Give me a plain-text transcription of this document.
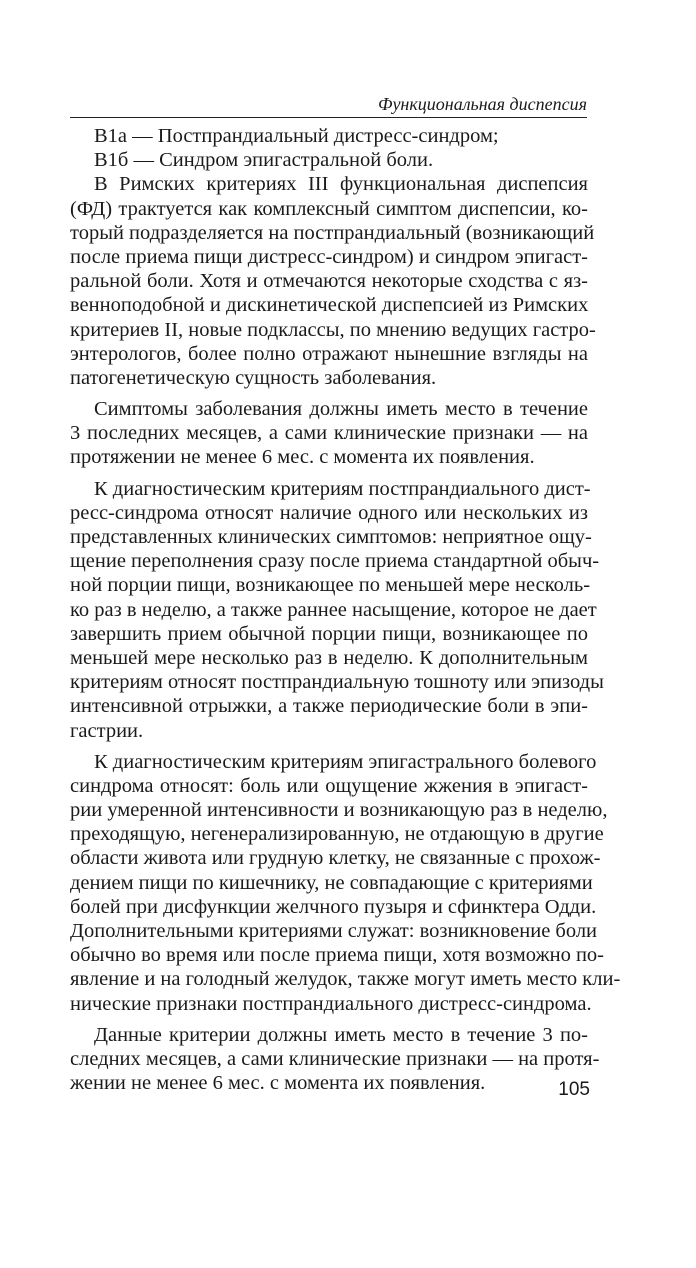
Функциональная диспепсия
B1a — Постпрандиальный дистресс-синдром;
B1б — Синдром эпигастральной боли.
В Римских критериях III функциональная диспепсия
(ФД) трактуется как комплексный симптом диспепсии, ко-
торый подразделяется на постпрандиальный (возникающий
после приема пищи дистресс-синдром) и синдром эпигаст-
ральной боли. Хотя и отмечаются некоторые сходства с яз-
венноподобной и дискинетической диспепсией из Римских
критериев II, новые подклассы, по мнению ведущих гастро-
энтерологов, более полно отражают нынешние взгляды на
патогенетическую сущность заболевания.
Симптомы заболевания должны иметь место в течение
3 последних месяцев, а сами клинические признаки — на
протяжении не менее 6 мес. с момента их появления.
К диагностическим критериям постпрандиального дист-
ресс-синдрома относят наличие одного или нескольких из
представленных клинических симптомов: неприятное ощу-
щение переполнения сразу после приема стандартной обыч-
ной порции пищи, возникающее по меньшей мере несколь-
ко раз в неделю, а также раннее насыщение, которое не дает
завершить прием обычной порции пищи, возникающее по
меньшей мере несколько раз в неделю. К дополнительным
критериям относят постпрандиальную тошноту или эпизоды
интенсивной отрыжки, а также периодические боли в эпи-
гастрии.
К диагностическим критериям эпигастрального болевого
синдрома относят: боль или ощущение жжения в эпигаст-
рии умеренной интенсивности и возникающую раз в неделю,
преходящую, негенерализированную, не отдающую в другие
области живота или грудную клетку, не связанные с прохож-
дением пищи по кишечнику, не совпадающие с критериями
болей при дисфункции желчного пузыря и сфинктера Одди.
Дополнительными критериями служат: возникновение боли
обычно во время или после приема пищи, хотя возможно по-
явление и на голодный желудок, также могут иметь место кли-
нические признаки постпрандиального дистресс-синдрома.
Данные критерии должны иметь место в течение 3 по-
следних месяцев, а сами клинические признаки — на протя-
жении не менее 6 мес. с момента их появления.	105
